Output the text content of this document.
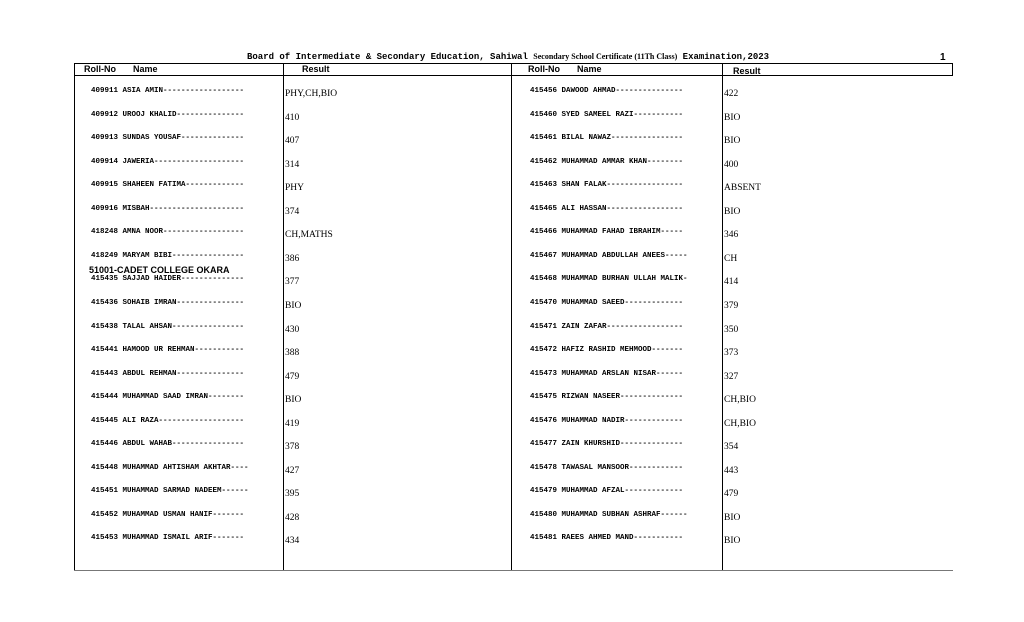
Board of Intermediate & Secondary Education, Sahiwal Secondary School Certificate (11Th Class) Examination,2023	1
Roll-No Name	Result	Roll-No Name	Result
51001-CADET COLLEGE OKARA
409911 ASIA AMIN------------------	PHY,CH,BIO
409912 UROOJ KHALID---------------	410
409913 SUNDAS YOUSAF--------------	407
409914 JAWERIA--------------------	314
409915 SHAHEEN FATIMA-------------	PHY
409916 MISBAH---------------------	374
418248 AMNA NOOR------------------	CH,MATHS
418249 MARYAM BIBI----------------	386
415435 SAJJAD HAIDER--------------	377
415436 SOHAIB IMRAN---------------	BIO
415438 TALAL AHSAN----------------	430
415441 HAMOOD UR REHMAN-----------	388
415443 ABDUL REHMAN---------------	479
415444 MUHAMMAD SAAD IMRAN--------	BIO
415445 ALI RAZA-------------------	419
415446 ABDUL WAHAB----------------	378
415448 MUHAMMAD AHTISHAM AKHTAR----	427
415451 MUHAMMAD SARMAD NADEEM------	395
415452 MUHAMMAD USMAN HANIF-------	428
415453 MUHAMMAD ISMAIL ARIF-------	434
415456 DAWOOD AHMAD---------------	422
415460 SYED SAMEEL RAZI-----------	BIO
415461 BILAL NAWAZ----------------	BIO
415462 MUHAMMAD AMMAR KHAN--------	400
415463 SHAN FALAK-----------------	ABSENT
415465 ALI HASSAN-----------------	BIO
415466 MUHAMMAD FAHAD IBRAHIM-----	346
415467 MUHAMMAD ABDULLAH ANEES-----	CH
415468 MUHAMMAD BURHAN ULLAH MALIK-	414
415470 MUHAMMAD SAEED-------------	379
415471 ZAIN ZAFAR-----------------	350
415472 HAFIZ RASHID MEHMOOD-------	373
415473 MUHAMMAD ARSLAN NISAR------	327
415475 RIZWAN NASEER--------------	CH,BIO
415476 MUHAMMAD NADIR-------------	CH,BIO
415477 ZAIN KHURSHID--------------	354
415478 TAWASAL MANSOOR------------	443
415479 MUHAMMAD AFZAL-------------	479
415480 MUHAMMAD SUBHAN ASHRAF------	BIO
415481 RAEES AHMED MAND-----------	BIO
